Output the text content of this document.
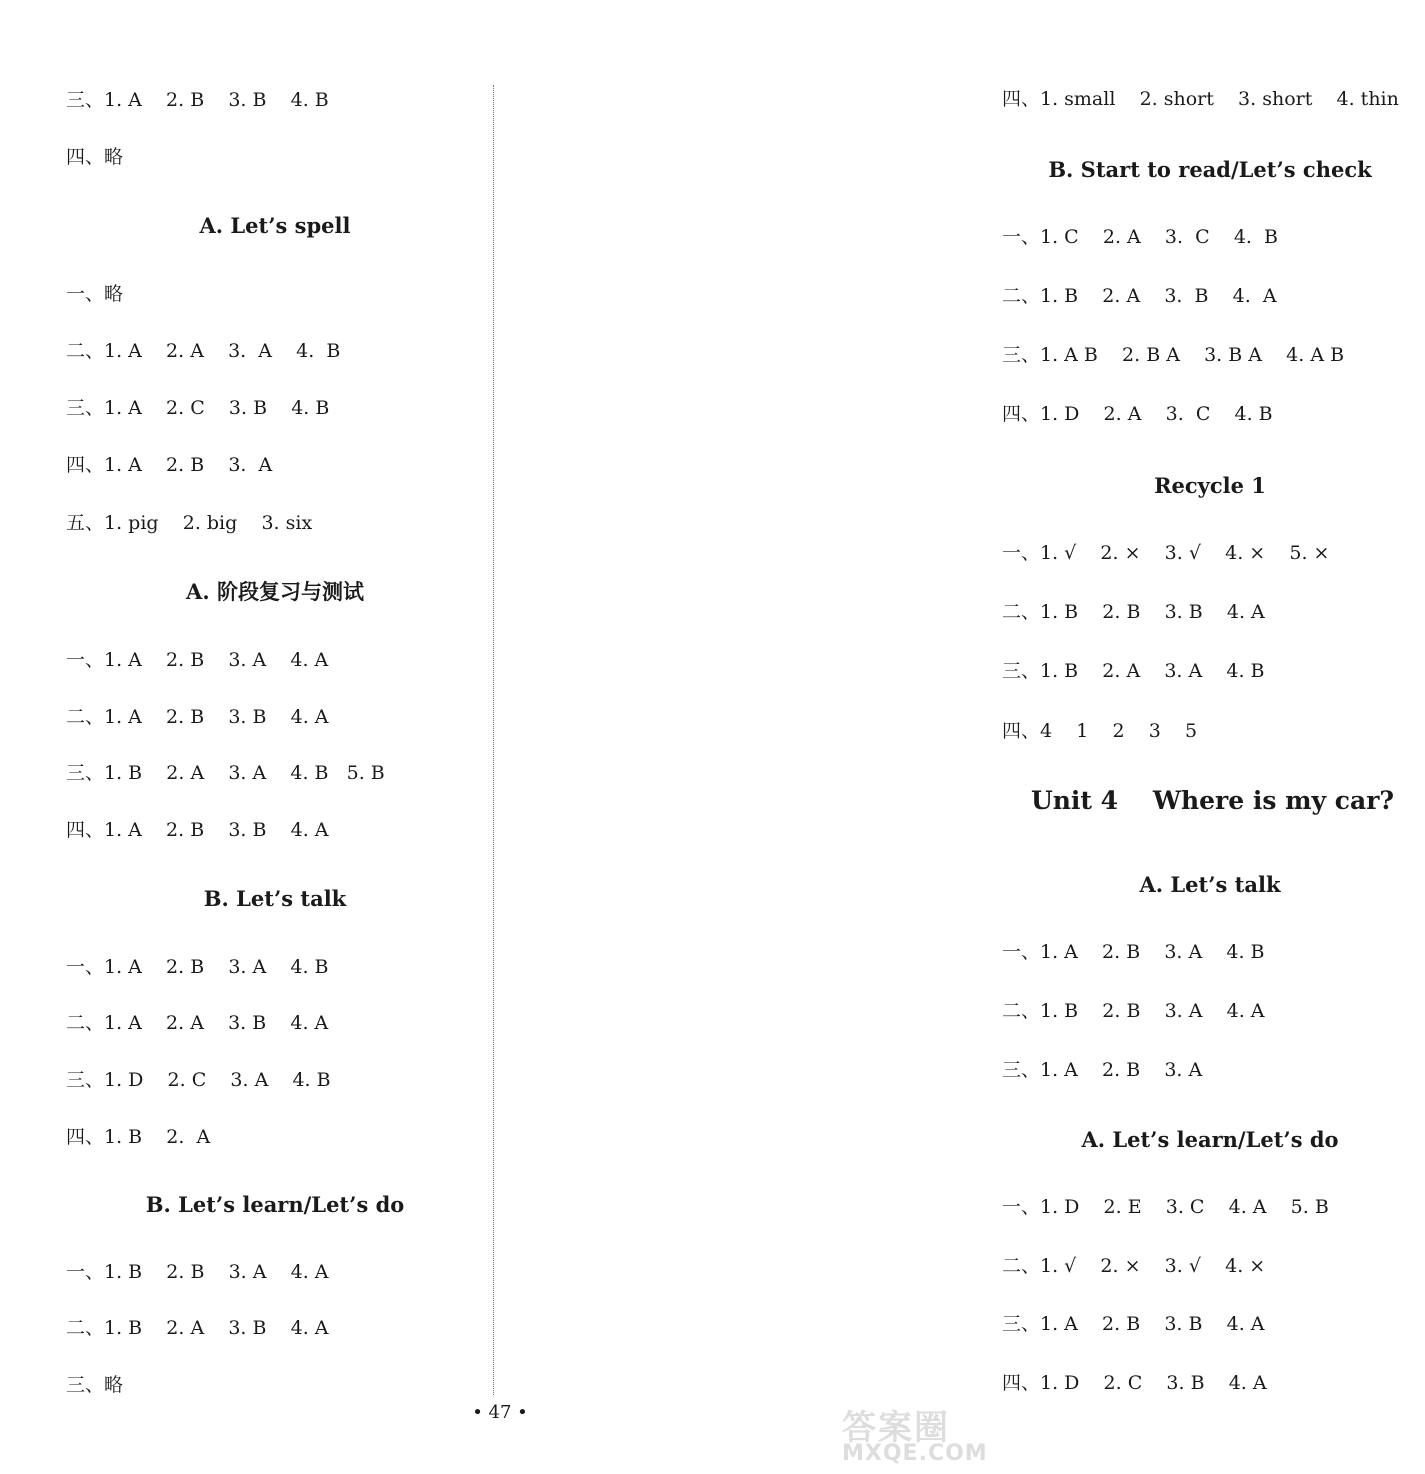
三、1. A    2. B    3. B    4. B
四、略
A. Let’s spell
一、略
二、1. A    2. A    3.  A    4.  B
三、1. A    2. C    3. B    4. B
四、1. A    2. B    3.  A
五、1. pig    2. big    3. six
A. 阶段复习与测试
一、1. A    2. B    3. A    4. A
二、1. A    2. B    3. B    4. A
三、1. B    2. A    3. A    4. B   5. B
四、1. A    2. B    3. B    4. A
B. Let’s talk
一、1. A    2. B    3. A    4. B
二、1. A    2. A    3. B    4. A
三、1. D    2. C    3. A    4. B
四、1. B    2.  A
B. Let’s learn/Let’s do
一、1. B    2. B    3. A    4. A
二、1. B    2. A    3. B    4. A
三、略
四、1. small    2. short    3. short    4. thin
B. Start to read/Let’s check
一、1. C    2. A    3.  C    4.  B
二、1. B    2. A    3.  B    4.  A
三、1. A B    2. B A    3. B A    4. A B
四、1. D    2. A    3.  C    4. B
Recycle 1
一、1. √    2. ×    3. √    4. ×    5. ×
二、1. B    2. B    3. B    4. A
三、1. B    2. A    3. A    4. B
四、4    1    2    3    5
Unit 4    Where is my car?
A. Let’s talk
一、1. A    2. B    3. A    4. B
二、1. B    2. B    3. A    4. A
三、1. A    2. B    3. A
A. Let’s learn/Let’s do
一、1. D    2. E    3. C    4. A    5. B
二、1. √    2. ×    3. √    4. ×
三、1. A    2. B    3. B    4. A
四、1. D    2. C    3. B    4. A
• 47 •	答案圈
MXQE.COM
